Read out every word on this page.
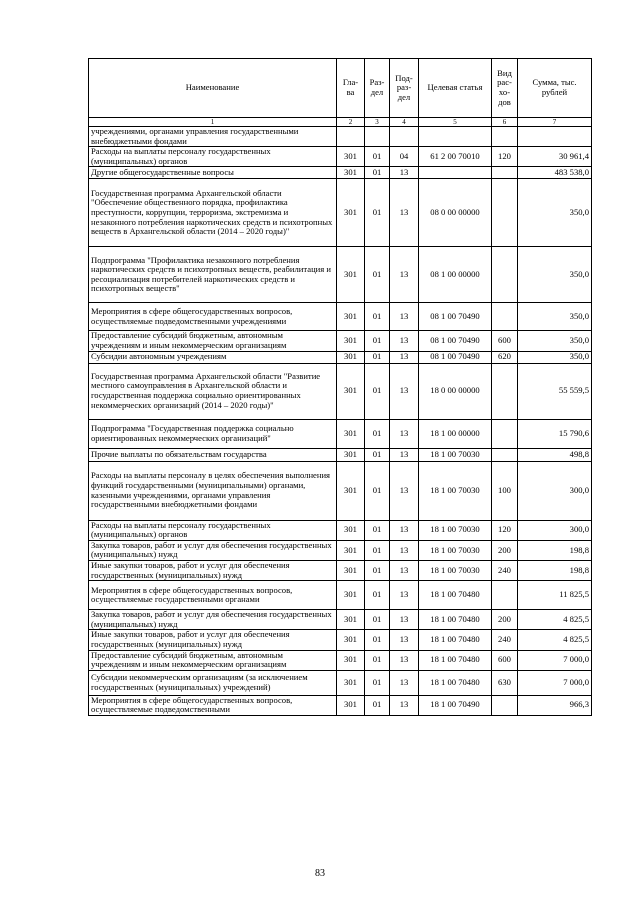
Наименование	Гла-ва	Раз-дел	Под-раз-дел	Целевая статья	Вид рас-хо-дов	Сумма, тыс. рублей
1	2	3	4	5	6	7
учреждениями, органами управления государственными внебюджетными фондами						
Расходы на выплаты персоналу государственных (муниципальных) органов	301	01	04	61 2 00 70010	120	30 961,4
Другие общегосударственные вопросы	301	01	13			483 538,0
Государственная программа Архангельской области "Обеспечение общественного порядка, профилактика преступности, коррупции, терроризма, экстремизма и незаконного потребления наркотических средств и психотропных веществ в Архангельской области (2014 – 2020 годы)"	301	01	13	08 0 00 00000		350,0
Подпрограмма "Профилактика незаконного потребления наркотических средств и психотропных веществ, реабилитация и ресоциализация потребителей наркотических средств и психотропных веществ"	301	01	13	08 1 00 00000		350,0
Мероприятия в сфере общегосударственных вопросов, осуществляемые подведомственными учреждениями	301	01	13	08 1 00 70490		350,0
Предоставление субсидий бюджетным, автономным учреждениям и иным некоммерческим организациям	301	01	13	08 1 00 70490	600	350,0
Субсидии автономным учреждениям	301	01	13	08 1 00 70490	620	350,0
Государственная программа Архангельской области "Развитие местного самоуправления в Архангельской области и государственная поддержка социально ориентированных некоммерческих организаций (2014 – 2020 годы)"	301	01	13	18 0 00 00000		55 559,5
Подпрограмма "Государственная поддержка социально ориентированных некоммерческих организаций"	301	01	13	18 1 00 00000		15 790,6
Прочие выплаты по обязательствам государства	301	01	13	18 1 00 70030		498,8
Расходы на выплаты персоналу в целях обеспечения выполнения функций государственными (муниципальными) органами, казенными учреждениями, органами управления государственными внебюджетными фондами	301	01	13	18 1 00 70030	100	300,0
Расходы на выплаты персоналу государственных (муниципальных) органов	301	01	13	18 1 00 70030	120	300,0
Закупка товаров, работ и услуг для обеспечения государственных (муниципальных) нужд	301	01	13	18 1 00 70030	200	198,8
Иные закупки товаров, работ и услуг для обеспечения государственных (муниципальных) нужд	301	01	13	18 1 00 70030	240	198,8
Мероприятия в сфере общегосударственных вопросов, осуществляемые государственными органами	301	01	13	18 1 00 70480		11 825,5
Закупка товаров, работ и услуг для обеспечения государственных (муниципальных) нужд	301	01	13	18 1 00 70480	200	4 825,5
Иные закупки товаров, работ и услуг для обеспечения государственных (муниципальных) нужд	301	01	13	18 1 00 70480	240	4 825,5
Предоставление субсидий бюджетным, автономным учреждениям и иным некоммерческим организациям	301	01	13	18 1 00 70480	600	7 000,0
Субсидии некоммерческим организациям (за исключением государственных (муниципальных) учреждений)	301	01	13	18 1 00 70480	630	7 000,0
Мероприятия в сфере общегосударственных вопросов, осуществляемые подведомственными	301	01	13	18 1 00 70490		966,3
83
